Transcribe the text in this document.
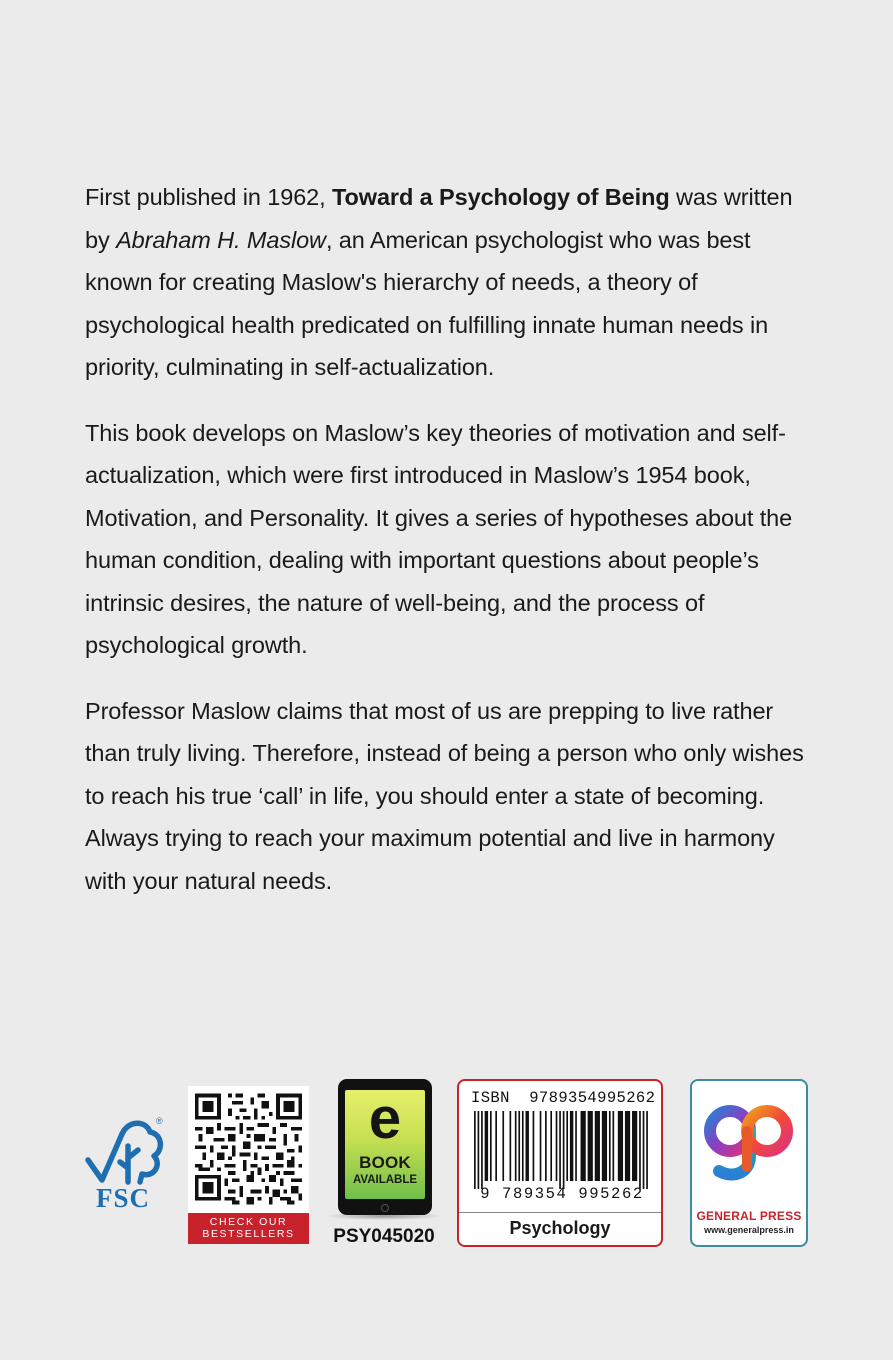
First published in 1962, Toward a Psychology of Being was written by Abraham H. Maslow, an American psychologist who was best known for creating Maslow's hierarchy of needs, a theory of psychological health predicated on fulfilling innate human needs in priority, culminating in self-actualization.

This book develops on Maslow’s key theories of motivation and self-actualization, which were first introduced in Maslow’s 1954 book, Motivation, and Personality. It gives a series of hypotheses about the human condition, dealing with important questions about people’s intrinsic desires, the nature of well-being, and the process of psychological growth.

Professor Maslow claims that most of us are prepping to live rather than truly living. Therefore, instead of being a person who only wishes to reach his true ‘call’ in life, you should enter a state of becoming. Always trying to reach your maximum potential and live in harmony with your natural needs.

®
FSC
CHECK OUR
BESTSELLERS
e
BOOK
AVAILABLE
PSY045020
ISBN 9789354995262
9 789354 995262
Psychology
GENERAL PRESS
www.generalpress.in
